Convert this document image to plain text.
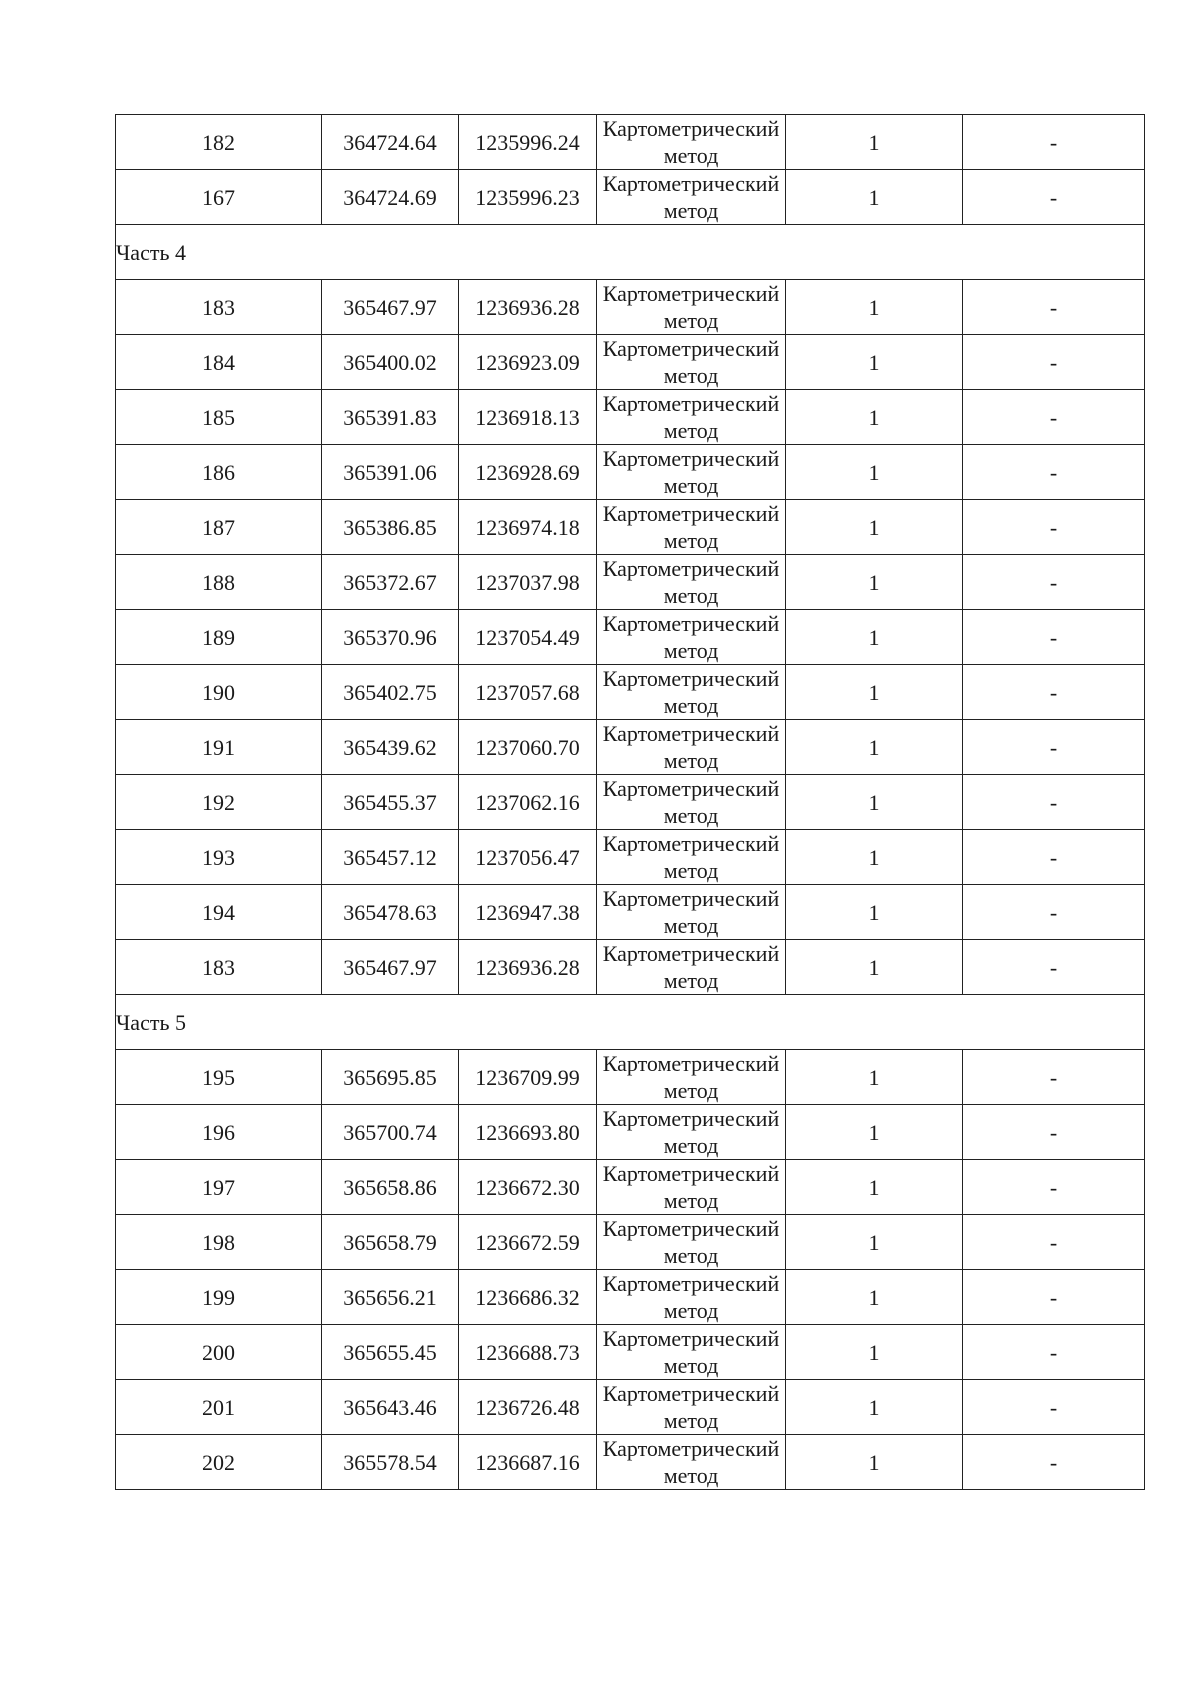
182	364724.64	1235996.24	Картометрический метод	1	-
167	364724.69	1235996.23	Картометрический метод	1	-
Часть 4					
183	365467.97	1236936.28	Картометрический метод	1	-
184	365400.02	1236923.09	Картометрический метод	1	-
185	365391.83	1236918.13	Картометрический метод	1	-
186	365391.06	1236928.69	Картометрический метод	1	-
187	365386.85	1236974.18	Картометрический метод	1	-
188	365372.67	1237037.98	Картометрический метод	1	-
189	365370.96	1237054.49	Картометрический метод	1	-
190	365402.75	1237057.68	Картометрический метод	1	-
191	365439.62	1237060.70	Картометрический метод	1	-
192	365455.37	1237062.16	Картометрический метод	1	-
193	365457.12	1237056.47	Картометрический метод	1	-
194	365478.63	1236947.38	Картометрический метод	1	-
183	365467.97	1236936.28	Картометрический метод	1	-
Часть 5					
195	365695.85	1236709.99	Картометрический метод	1	-
196	365700.74	1236693.80	Картометрический метод	1	-
197	365658.86	1236672.30	Картометрический метод	1	-
198	365658.79	1236672.59	Картометрический метод	1	-
199	365656.21	1236686.32	Картометрический метод	1	-
200	365655.45	1236688.73	Картометрический метод	1	-
201	365643.46	1236726.48	Картометрический метод	1	-
202	365578.54	1236687.16	Картометрический метод	1	-
